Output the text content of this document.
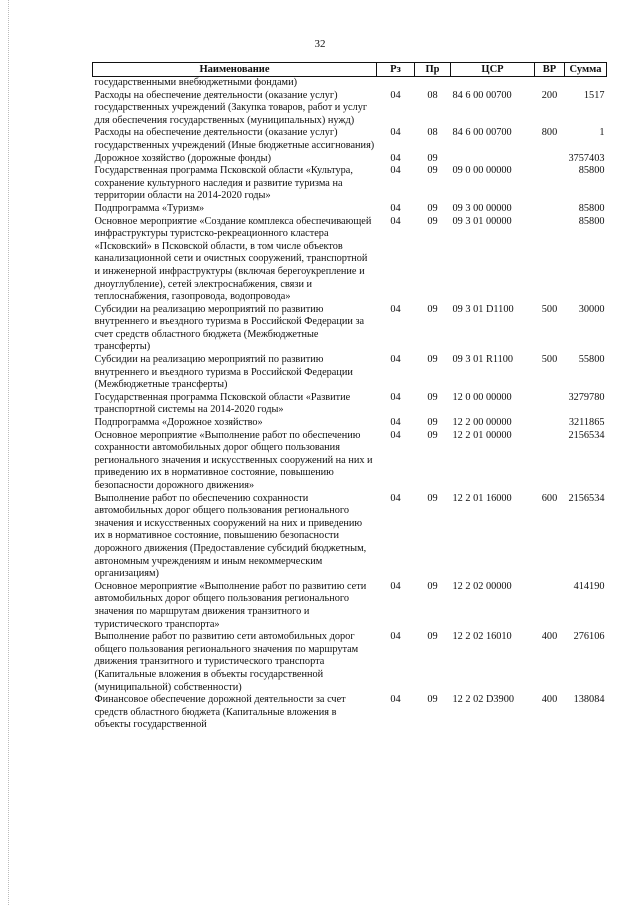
32
Наименование	Рз	Пр	ЦСР	ВР	Сумма
государственными внебюджетными фондами)					
Расходы на обеспечение деятельности (оказание услуг) государственных учреждений (Закупка товаров, работ и услуг для обеспечения государственных (муниципальных) нужд)	04	08	84 6 00 00700	200	1517
Расходы на обеспечение деятельности (оказание услуг) государственных учреждений (Иные бюджетные ассигнования)	04	08	84 6 00 00700	800	1
Дорожное хозяйство (дорожные фонды)	04	09			3757403
Государственная программа Псковской области «Культура, сохранение культурного наследия и развитие туризма на территории области на 2014-2020 годы»	04	09	09 0 00 00000		85800
Подпрограмма «Туризм»	04	09	09 3 00 00000		85800
Основное мероприятие «Создание комплекса обеспечивающей инфраструктуры туристско-рекреационного кластера «Псковский» в Псковской области, в том числе объектов канализационной сети и очистных сооружений, транспортной и инженерной инфраструктуры (включая берегоукрепление и дноуглубление), сетей электроснабжения, связи и теплоснабжения, газопровода, водопровода»	04	09	09 3 01 00000		85800
Субсидии на реализацию мероприятий по развитию внутреннего и въездного туризма в Российской Федерации за счет средств областного бюджета (Межбюджетные трансферты)	04	09	09 3 01 D1100	500	30000
Субсидии на реализацию мероприятий по развитию внутреннего и въездного туризма в Российской Федерации (Межбюджетные трансферты)	04	09	09 3 01 R1100	500	55800
Государственная программа Псковской области «Развитие транспортной системы на 2014-2020 годы»	04	09	12 0 00 00000		3279780
Подпрограмма «Дорожное хозяйство»	04	09	12 2 00 00000		3211865
Основное мероприятие «Выполнение работ по обеспечению сохранности автомобильных дорог общего пользования регионального значения и искусственных сооружений на них и приведению их в нормативное состояние, повышению безопасности дорожного движения»	04	09	12 2 01 00000		2156534
Выполнение работ по обеспечению сохранности автомобильных дорог общего пользования регионального значения и искусственных сооружений на них и приведению их в нормативное состояние, повышению безопасности дорожного движения (Предоставление субсидий бюджетным, автономным учреждениям и иным некоммерческим организациям)	04	09	12 2 01 16000	600	2156534
Основное мероприятие «Выполнение работ по развитию сети автомобильных дорог общего пользования регионального значения по маршрутам движения транзитного и туристического транспорта»	04	09	12 2 02 00000		414190
Выполнение работ по развитию сети автомобильных дорог общего пользования регионального значения по маршрутам движения транзитного и туристического транспорта (Капитальные вложения в объекты государственной (муниципальной) собственности)	04	09	12 2 02 16010	400	276106
Финансовое обеспечение дорожной деятельности за счет средств областного бюджета (Капитальные вложения в объекты государственной	04	09	12 2 02 D3900	400	138084
